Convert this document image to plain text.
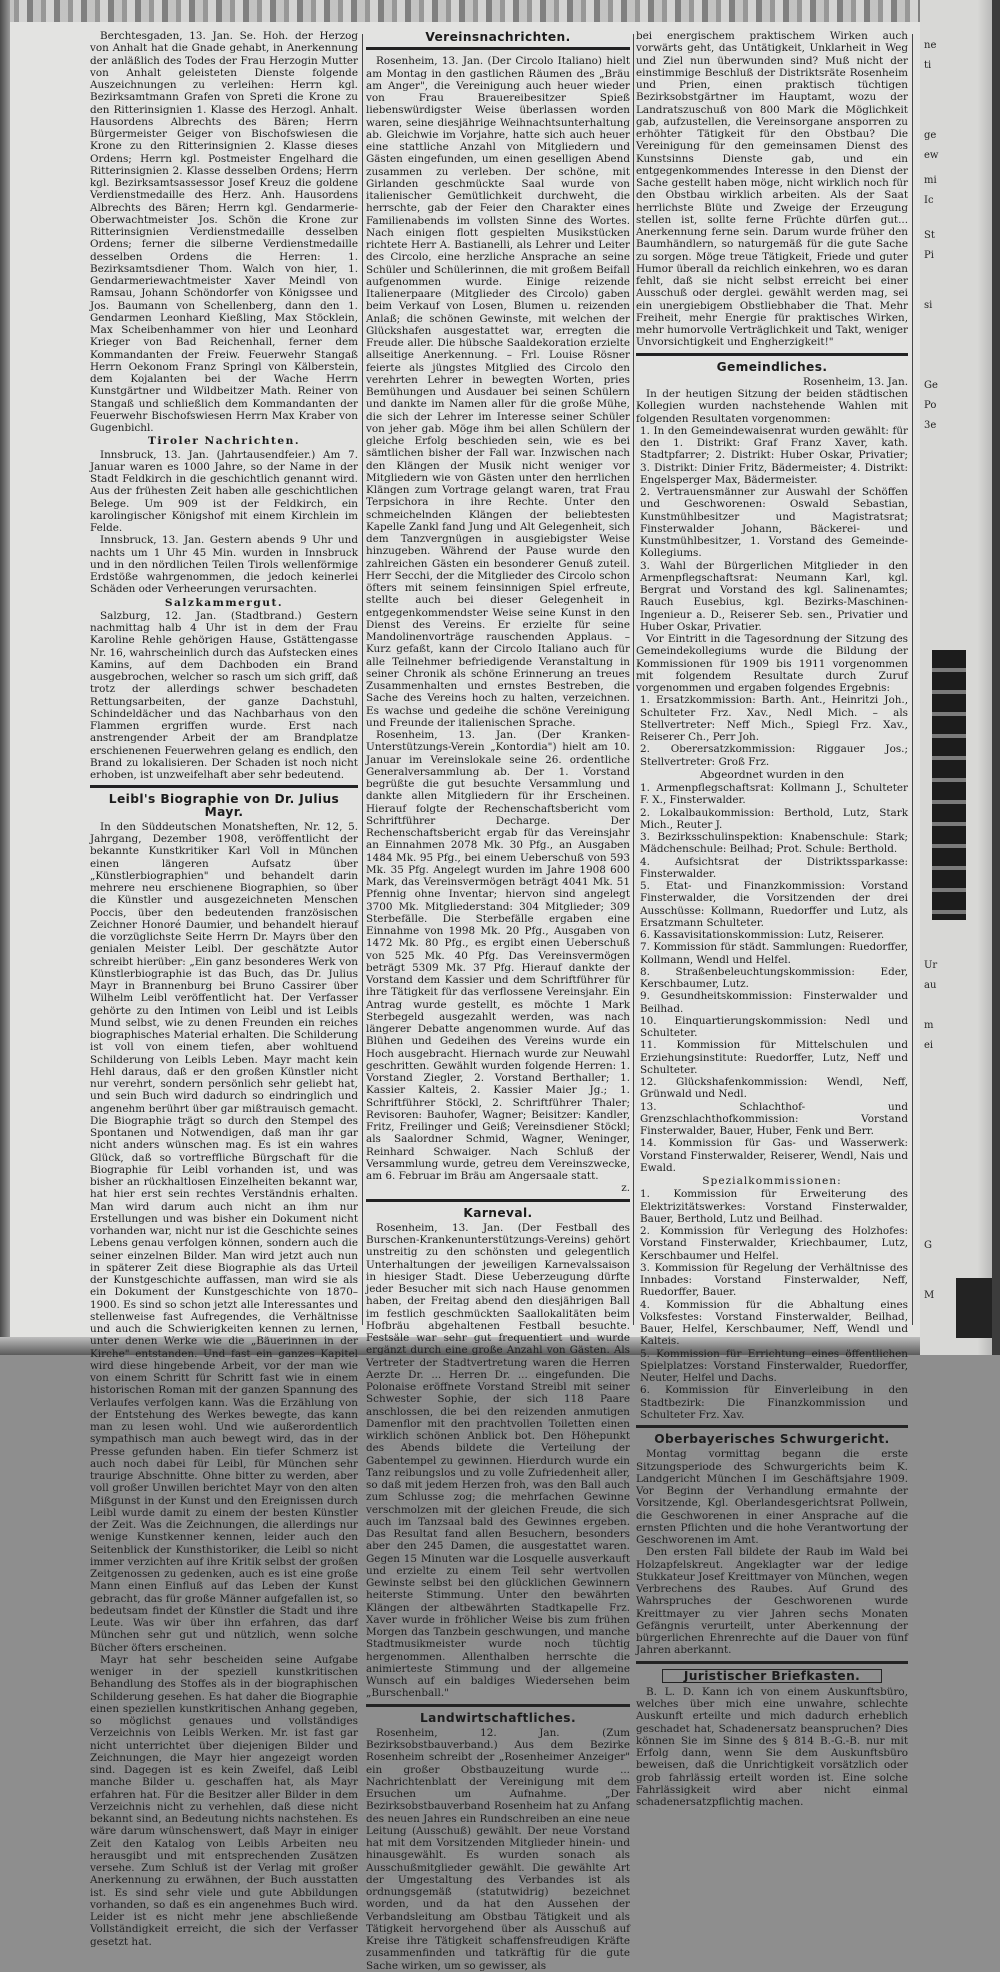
Berchtesgaden, 13. Jan. Se. Hoh. der Herzog von Anhalt hat die Gnade gehabt, in Anerkennung der anläßlich des Todes der Frau Herzogin Mutter von Anhalt geleisteten Dienste folgende Auszeichnungen zu verleihen: Herrn kgl. Bezirksamtmann Grafen von Spreti die Krone zu den Ritterinsignien 1. Klasse des Herzogl. Anhalt. Hausordens Albrechts des Bären; Herrn Bürgermeister Geiger von Bischofswiesen die Krone zu den Ritterinsignien 2. Klasse dieses Ordens; Herrn kgl. Postmeister Engelhard die Ritterinsignien 2. Klasse desselben Ordens; Herrn kgl. Bezirksamtsassessor Josef Kreuz die goldene Verdienstmedaille des Herz. Anh. Hausordens Albrechts des Bären; Herrn kgl. Gendarmerie-Oberwachtmeister Jos. Schön die Krone zur Ritterinsignien Verdienstmedaille desselben Ordens; ferner die silberne Verdienstmedaille desselben Ordens die Herren: 1. Bezirksamtsdiener Thom. Walch von hier, 1. Gendarmeriewachtmeister Xaver Meindl von Ramsau, Johann Schöndorfer von Königssee und Jos. Baumann von Schellenberg, dann den 1. Gendarmen Leonhard Kießling, Max Stöcklein, Max Scheibenhammer von hier und Leonhard Krieger von Bad Reichenhall, ferner dem Kommandanten der Freiw. Feuerwehr Stangaß Herrn Oekonom Franz Springl von Kälberstein, dem Kojalanten bei der Wache Herrn Kunstgärtner und Wildbeitzer Math. Reiner von Stangaß und schließlich dem Kommandanten der Feuerwehr Bischofswiesen Herrn Max Kraber von Gugenbichl.

Tiroler Nachrichten.

Innsbruck, 13. Jan. (Jahrtausendfeier.) Am 7. Januar waren es 1000 Jahre, so der Name in der Stadt Feldkirch in die geschichtlich genannt wird. Aus der frühesten Zeit haben alle geschichtlichen Belege. Um 909 ist der Feldkirch, ein karolingischer Königshof mit einem Kirchlein im Felde.

Innsbruck, 13. Jan. Gestern abends 9 Uhr und nachts um 1 Uhr 45 Min. wurden in Innsbruck und in den nördlichen Teilen Tirols wellenförmige Erdstöße wahrgenommen, die jedoch keinerlei Schäden oder Verheerungen verursachten.

Salzkammergut.

Salzburg, 12. Jan. (Stadtbrand.) Gestern nachmittag halb 4 Uhr ist in dem der Frau Karoline Rehle gehörigen Hause, Gstättengasse Nr. 16, wahrscheinlich durch das Aufstecken eines Kamins, auf dem Dachboden ein Brand ausgebrochen, welcher so rasch um sich griff, daß trotz der allerdings schwer beschadeten Rettungsarbeiten, der ganze Dachstuhl, Schindeldächer und das Nachbarhaus von den Flammen ergriffen wurde. Erst nach anstrengender Arbeit der am Brandplatze erschienenen Feuerwehren gelang es endlich, den Brand zu lokalisieren. Der Schaden ist noch nicht erhoben, ist unzweifelhaft aber sehr bedeutend.

Leibl's Biographie von Dr. Julius Mayr.

In den Süddeutschen Monatsheften, Nr. 12, 5. Jahrgang, Dezember 1908, veröffentlicht der bekannte Kunstkritiker Karl Voll in München einen längeren Aufsatz über „Künstlerbiographien" und behandelt darin mehrere neu erschienene Biographien, so über die Künstler und ausgezeichneten Menschen Poccis, über den bedeutenden französischen Zeichner Honoré Daumier, und behandelt hierauf die vorzüglichste Seite Herrn Dr. Mayrs über den genialen Meister Leibl. Der geschätzte Autor schreibt hierüber: „Ein ganz besonderes Werk von Künstlerbiographie ist das Buch, das Dr. Julius Mayr in Brannenburg bei Bruno Cassirer über Wilhelm Leibl veröffentlicht hat. Der Verfasser gehörte zu den Intimen von Leibl und ist Leibls Mund selbst, wie zu denen Freunden ein reiches biographisches Material erhalten. Die Schilderung ist voll von einem tiefen, aber wohltuend Schilderung von Leibls Leben. Mayr macht kein Hehl daraus, daß er den großen Künstler nicht nur verehrt, sondern persönlich sehr geliebt hat, und sein Buch wird dadurch so eindringlich und angenehm berührt über gar mißtrauisch gemacht. Die Biographie trägt so durch den Stempel des Spontanen und Notwendigen, daß man ihr gar nicht anders wünschen mag. Es ist ein wahres Glück, daß so vortreffliche Bürgschaft für die Biographie für Leibl vorhanden ist, und was bisher an rückhaltlosen Einzelheiten bekannt war, hat hier erst sein rechtes Verständnis erhalten. Man wird darum auch nicht an ihm nur Erstellungen und was bisher ein Dokument nicht vorhanden war, nicht nur ist die Geschichte seines Lebens genau verfolgen können, sondern auch die seiner einzelnen Bilder. Man wird jetzt auch nun in späterer Zeit diese Biographie als das Urteil der Kunstgeschichte auffassen, man wird sie als ein Dokument der Kunstgeschichte von 1870–1900. Es sind so schon jetzt alle Interessantes und stellenweise fast Aufregendes, die Verhältnisse und auch die Schwierigkeiten kennen zu lernen, unter denen Werke wie die „Bäuerinnen in der Kirche" entstanden. Und fast ein ganzes Kapitel wird diese hingebende Arbeit, vor der man wie von einem Schritt für Schritt fast wie in einem historischen Roman mit der ganzen Spannung des Verlaufes verfolgen kann. Was die Erzählung von der Entstehung des Werkes bewegte, das kann man zu lesen wohl. Und wie außerordentlich sympathisch man auch bewegt wird, das in der Presse gefunden haben. Ein tiefer Schmerz ist auch noch dabei für Leibl, für München sehr traurige Abschnitte. Ohne bitter zu werden, aber voll großer Unwillen berichtet Mayr von den alten Mißgunst in der Kunst und den Ereignissen durch Leibl wurde damit zu einem der besten Künstler der Zeit. Was die Zeichnungen, die allerdings nur wenige Kunstkenner kennen, leider auch den Seitenblick der Kunsthistoriker, die Leibl so nicht immer verzichten auf ihre Kritik selbst der großen Zeitgenossen zu gedenken, auch es ist eine große Mann einen Einfluß auf das Leben der Kunst gebracht, das für große Männer aufgefallen ist, so bedeutsam findet der Künstler die Stadt und ihre Leute. Was wir über ihn erfahren, das darf München sehr gut und nützlich, wenn solche Bücher öfters erscheinen.

Mayr hat sehr bescheiden seine Aufgabe weniger in der speziell kunstkritischen Behandlung des Stoffes als in der biographischen Schilderung gesehen. Es hat daher die Biographie einen speziellen kunstkritischen Anhang gegeben, so möglichst genaues und vollständiges Verzeichnis von Leibls Werken. Mr. ist fast gar nicht unterrichtet über diejenigen Bilder und Zeichnungen, die Mayr hier angezeigt worden sind. Dagegen ist es kein Zweifel, daß Leibl manche Bilder u. geschaffen hat, als Mayr erfahren hat. Für die Besitzer aller Bilder in dem Verzeichnis nicht zu verhehlen, daß diese nicht bekannt sind, an Bedeutung nichts nachstehen. Es wäre darum wünschenswert, daß Mayr in einiger Zeit den Katalog von Leibls Arbeiten neu herausgibt und mit entsprechenden Zusätzen versehe. Zum Schluß ist der Verlag mit großer Anerkennung zu erwähnen, der Buch ausstatten ist. Es sind sehr viele und gute Abbildungen vorhanden, so daß es ein angenehmes Buch wird. Leider ist es nicht mehr jene abschließende Vollständigkeit erreicht, die sich der Verfasser gesetzt hat.

Vereinsnachrichten.

Rosenheim, 13. Jan. (Der Circolo Italiano) hielt am Montag in den gastlichen Räumen des „Bräu am Anger", die Vereinigung auch heuer wieder von Frau Brauereibesitzer Spieß liebenswürdigster Weise überlassen worden waren, seine diesjährige Weihnachtsunterhaltung ab. Gleichwie im Vorjahre, hatte sich auch heuer eine stattliche Anzahl von Mitgliedern und Gästen eingefunden, um einen geselligen Abend zusammen zu verleben. Der schöne, mit Girlanden geschmückte Saal wurde von italienischer Gemütlichkeit durchweht, die herrschte, gab der Feier den Charakter eines Familienabends im vollsten Sinne des Wortes. Nach einigen flott gespielten Musikstücken richtete Herr A. Bastianelli, als Lehrer und Leiter des Circolo, eine herzliche Ansprache an seine Schüler und Schülerinnen, die mit großem Beifall aufgenommen wurde. Einige reizende Italienerpaare (Mitglieder des Circolo) gaben beim Verkauf von Losen, Blumen u. reizenden Anlaß; die schönen Gewinste, mit welchen der Glückshafen ausgestattet war, erregten die Freude aller. Die hübsche Saaldekoration erzielte allseitige Anerkennung. – Frl. Louise Rösner feierte als jüngstes Mitglied des Circolo den verehrten Lehrer in bewegten Worten, pries Bemühungen und Ausdauer bei seinen Schülern und dankte im Namen aller für die große Mühe, die sich der Lehrer im Interesse seiner Schüler von jeher gab. Möge ihm bei allen Schülern der gleiche Erfolg beschieden sein, wie es bei sämtlichen bisher der Fall war. Inzwischen nach den Klängen der Musik nicht weniger vor Mitgliedern wie von Gästen unter den herrlichen Klängen zum Vortrage gelangt waren, trat Frau Terpsichora in ihre Rechte. Unter den schmeichelnden Klängen der beliebtesten Kapelle Zankl fand Jung und Alt Gelegenheit, sich dem Tanzvergnügen in ausgiebigster Weise hinzugeben. Während der Pause wurde den zahlreichen Gästen ein besonderer Genuß zuteil. Herr Secchi, der die Mitglieder des Circolo schon öfters mit seinem feinsinnigen Spiel erfreute, stellte auch bei dieser Gelegenheit in entgegenkommendster Weise seine Kunst in den Dienst des Vereins. Er erzielte für seine Mandolinenvorträge rauschenden Applaus. – Kurz gefaßt, kann der Circolo Italiano auch für alle Teilnehmer befriedigende Veranstaltung in seiner Chronik als schöne Erinnerung an treues Zusammenhalten und ernstes Bestreben, die Sache des Vereins hoch zu halten, verzeichnen. Es wachse und gedeihe die schöne Vereinigung und Freunde der italienischen Sprache.

Rosenheim, 13. Jan. (Der Kranken-Unterstützungs-Verein „Kontordia") hielt am 10. Januar im Vereinslokale seine 26. ordentliche Generalversammlung ab. Der 1. Vorstand begrüßte die gut besuchte Versammlung und dankte allen Mitgliedern für ihr Erscheinen. Hierauf folgte der Rechenschaftsbericht vom Schriftführer Decharge. Der Rechenschaftsbericht ergab für das Vereinsjahr an Einnahmen 2078 Mk. 30 Pfg., an Ausgaben 1484 Mk. 95 Pfg., bei einem Ueberschuß von 593 Mk. 35 Pfg. Angelegt wurden im Jahre 1908 600 Mark, das Vereinsvermögen beträgt 4041 Mk. 51 Pfennig ohne Inventar; hiervon sind angelegt 3700 Mk. Mitgliederstand: 304 Mitglieder; 309 Sterbefälle. Die Sterbefälle ergaben eine Einnahme von 1998 Mk. 20 Pfg., Ausgaben von 1472 Mk. 80 Pfg., es ergibt einen Ueberschuß von 525 Mk. 40 Pfg. Das Vereinsvermögen beträgt 5309 Mk. 37 Pfg. Hierauf dankte der Vorstand dem Kassier und dem Schriftführer für ihre Tätigkeit für das verflossene Vereinsjahr. Ein Antrag wurde gestellt, es möchte 1 Mark Sterbegeld ausgezahlt werden, was nach längerer Debatte angenommen wurde. Auf das Blühen und Gedeihen des Vereins wurde ein Hoch ausgebracht. Hiernach wurde zur Neuwahl geschritten. Gewählt wurden folgende Herren: 1. Vorstand Ziegler, 2. Vorstand Berthaller; 1. Kassier Kalteis, 2. Kassier Maier Jg.; 1. Schriftführer Stöckl, 2. Schriftführer Thaler; Revisoren: Bauhofer, Wagner; Beisitzer: Kandler, Fritz, Freilinger und Geiß; Vereinsdiener Stöckl; als Saalordner Schmid, Wagner, Weninger, Reinhard Schwaiger. Nach Schluß der Versammlung wurde, getreu dem Vereinszwecke, am 6. Februar im Bräu am Angersaale statt.

z.

Karneval.

Rosenheim, 13. Jan. (Der Festball des Burschen-Krankenunterstützungs-Vereins) gehört unstreitig zu den schönsten und gelegentlich Unterhaltungen der jeweiligen Karnevalssaison in hiesiger Stadt. Diese Ueberzeugung dürfte jeder Besucher mit sich nach Hause genommen haben, der Freitag abend den diesjährigen Ball im festlich geschmückten Saallokalitäten beim Hofbräu abgehaltenen Festball besuchte. Festsäle war sehr gut frequentiert und wurde ergänzt durch eine große Anzahl von Gästen. Als Vertreter der Stadtvertretung waren die Herren Aerzte Dr. ... Herren Dr. ... eingefunden. Die Polonaise eröffnete Vorstand Streibl mit seiner Schwester Sophie, der sich 118 Paare anschlossen, die bei den reizenden anmutigen Damenflor mit den prachtvollen Toiletten einen wirklich schönen Anblick bot. Den Höhepunkt des Abends bildete die Verteilung der Gabentempel zu gewinnen. Hierdurch wurde ein Tanz reibungslos und zu volle Zufriedenheit aller, so daß mit jedem Herzen froh, was den Ball auch zum Schlusse zog; die mehrfachen Gewinne verschmolzen mit der gleichen Freude, die sich auch im Tanzsaal bald des Gewinnes ergeben. Das Resultat fand allen Besuchern, besonders aber den 245 Damen, die ausgestattet waren. Gegen 15 Minuten war die Losquelle ausverkauft und erzielte zu einem Teil sehr wertvollen Gewinste selbst bei den glücklichen Gewinnern heiterste Stimmung. Unter den bewährten Klängen der altbewährten Stadtkapelle Frz. Xaver wurde in fröhlicher Weise bis zum frühen Morgen das Tanzbein geschwungen, und manche Stadtmusikmeister wurde noch tüchtig hergenommen. Allenthalben herrschte die animierteste Stimmung und der allgemeine Wunsch auf ein baldiges Wiedersehen beim „Burschenball."

Landwirtschaftliches.

Rosenheim, 12. Jan. (Zum Bezirksobstbauverband.) Aus dem Bezirke Rosenheim schreibt der „Rosenheimer Anzeiger" ein großer Obstbauzeitung wurde ... Nachrichtenblatt der Vereinigung mit dem Ersuchen um Aufnahme. „Der Bezirksobstbauverband Rosenheim hat zu Anfang des neuen Jahres ein Rundschreiben an eine neue Leitung (Ausschuß) gewählt. Der neue Vorstand hat mit dem Vorsitzenden Mitglieder hinein- und hinausgewählt. Es wurden sonach als Ausschußmitglieder gewählt. Die gewählte Art der Umgestaltung des Verbandes ist als ordnungsgemäß (statutwidrig) bezeichnet worden, und da hat den Aussehen der Verbandsleitung am Obstbau Tätigkeit und als Tätigkeit hervorgehend über als Ausschuß auf Kreise ihre Tätigkeit schaffensfreudigen Kräfte zusammenfinden und tatkräftig für die gute Sache wirken, um so gewisser, als

bei energischem praktischem Wirken auch vorwärts geht, das Untätigkeit, Unklarheit in Weg und Ziel nun überwunden sind? Muß nicht der einstimmige Beschluß der Distriktsräte Rosenheim und Prien, einen praktisch tüchtigen Bezirksobstgärtner im Hauptamt, wozu der Landratszuschuß von 800 Mark die Möglichkeit gab, aufzustellen, die Vereinsorgane ansporren zu erhöhter Tätigkeit für den Obstbau? Die Vereinigung für den gemeinsamen Dienst des Kunstsinns Dienste gab, und ein entgegenkommendes Interesse in den Dienst der Sache gestellt haben möge, nicht wirklich noch für den Obstbau wirklich arbeiten. Als der Saat herrlichste Blüte und Zweige der Erzeugung stellen ist, sollte ferne Früchte dürfen gut... Anerkennung ferne sein. Darum wurde früher den Baumhändlern, so naturgemäß für die gute Sache zu sorgen. Möge treue Tätigkeit, Friede und guter Humor überall da reichlich einkehren, wo es daran fehlt, daß sie nicht selbst erreicht bei einer Ausschuß oder derglei. gewählt werden mag, sei ein unergiebigem Obstliebhaber die That. Mehr Freiheit, mehr Energie für praktisches Wirken, mehr humorvolle Verträglichkeit und Takt, weniger Unvorsichtigkeit und Engherzigkeit!"

Gemeindliches.

Rosenheim, 13. Jan.

In der heutigen Sitzung der beiden städtischen Kollegien wurden nachstehende Wahlen mit folgenden Resultaten vorgenommen:

1. In den Gemeindewaisenrat wurden gewählt: für den 1. Distrikt: Graf Franz Xaver, kath. Stadtpfarrer; 2. Distrikt: Huber Oskar, Privatier; 3. Distrikt: Dinier Fritz, Bädermeister; 4. Distrikt: Engelsperger Max, Bädermeister.

2. Vertrauensmänner zur Auswahl der Schöffen und Geschworenen: Oswald Sebastian, Kunstmühlbesitzer und Magistratsrat; Finsterwalder Johann, Bäckerei- und Kunstmühlbesitzer, 1. Vorstand des Gemeinde-Kollegiums.

3. Wahl der Bürgerlichen Mitglieder in den Armenpflegschaftsrat: Neumann Karl, kgl. Bergrat und Vorstand des kgl. Salinenamtes; Rauch Eusebius, kgl. Bezirks-Maschinen-Ingenieur a. D., Reiserer Seb. sen., Privatier und Huber Oskar, Privatier.

Vor Eintritt in die Tagesordnung der Sitzung des Gemeindekollegiums wurde die Bildung der Kommissionen für 1909 bis 1911 vorgenommen mit folgendem Resultate durch Zuruf vorgenommen und ergaben folgendes Ergebnis:

1. Ersatzkommission: Barth. Ant., Heinritzi Joh., Schulteter Frz. Xav., Nedl Mich. – als Stellvertreter: Neff Mich., Spiegl Frz. Xav., Reiserer Ch., Perr Joh.

2. Oberersatzkommission: Riggauer Jos.; Stellvertreter: Groß Frz.

Abgeordnet wurden in den

1. Armenpflegschaftsrat: Kollmann J., Schulteter F. X., Finsterwalder.

2. Lokalbaukommission: Berthold, Lutz, Stark Mich., Reuter J.

3. Bezirksschulinspektion: Knabenschule: Stark; Mädchenschule: Beilhad; Prot. Schule: Berthold.

4. Aufsichtsrat der Distriktssparkasse: Finsterwalder.

5. Etat- und Finanzkommission: Vorstand Finsterwalder, die Vorsitzenden der drei Ausschüsse: Kollmann, Ruedorffer und Lutz, als Ersatzmann Schulteter.

6. Kassavisitationskommission: Lutz, Reiserer.

7. Kommission für städt. Sammlungen: Ruedorffer, Kollmann, Wendl und Helfel.

8. Straßenbeleuchtungskommission: Eder, Kerschbaumer, Lutz.

9. Gesundheitskommission: Finsterwalder und Beilhad.

10. Einquartierungskommission: Nedl und Schulteter.

11. Kommission für Mittelschulen und Erziehungsinstitute: Ruedorffer, Lutz, Neff und Schulteter.

12. Glückshafenkommission: Wendl, Neff, Grünwald und Nedl.

13. Schlachthof- und Grenzschlachthofkommission: Vorstand Finsterwalder, Bauer, Huber, Fenk und Berr.

14. Kommission für Gas- und Wasserwerk: Vorstand Finsterwalder, Reiserer, Wendl, Nais und Ewald.

Spezialkommissionen:

1. Kommission für Erweiterung des Elektrizitätswerkes: Vorstand Finsterwalder, Bauer, Berthold, Lutz und Beilhad.

2. Kommission für Verlegung des Holzhofes: Vorstand Finsterwalder, Kriechbaumer, Lutz, Kerschbaumer und Helfel.

3. Kommission für Regelung der Verhältnisse des Innbades: Vorstand Finsterwalder, Neff, Ruedorffer, Bauer.

4. Kommission für die Abhaltung eines Volksfestes: Vorstand Finsterwalder, Beilhad, Bauer, Helfel, Kerschbaumer, Neff, Wendl und Kalteis.

5. Kommission für Errichtung eines öffentlichen Spielplatzes: Vorstand Finsterwalder, Ruedorffer, Neuter, Helfel und Dachs.

6. Kommission für Einverleibung in den Stadtbezirk: Die Finanzkommission und Schulteter Frz. Xav.

Oberbayerisches Schwurgericht.

Montag vormittag begann die erste Sitzungsperiode des Schwurgerichts beim K. Landgericht München I im Geschäftsjahre 1909. Vor Beginn der Verhandlung ermahnte der Vorsitzende, Kgl. Oberlandesgerichtsrat Pollwein, die Geschworenen in einer Ansprache auf die ernsten Pflichten und die hohe Verantwortung der Geschworenen im Amt.

Den ersten Fall bildete der Raub im Wald bei Holzapfelskreut. Angeklagter war der ledige Stukkateur Josef Kreittmayer von München, wegen Verbrechens des Raubes. Auf Grund des Wahrspruches der Geschworenen wurde Kreittmayer zu vier Jahren sechs Monaten Gefängnis verurteilt, unter Aberkennung der bürgerlichen Ehrenrechte auf die Dauer von fünf Jahren aberkannt.

Juristischer Briefkasten.

B. L. D. Kann ich von einem Auskunftsbüro, welches über mich eine unwahre, schlechte Auskunft erteilte und mich dadurch erheblich geschadet hat, Schadenersatz beanspruchen? Dies können Sie im Sinne des § 814 B.-G.-B. nur mit Erfolg dann, wenn Sie dem Auskunftsbüro beweisen, daß die Unrichtigkeit vorsätzlich oder grob fahrlässig erteilt worden ist. Eine solche Fahrlässigkeit wird aber nicht einmal schadenersatzpflichtig machen.

ne
ti
ge
ew
mi
Ic
St
Pi
si
Ge
Po
3e
Ur
au
m
ei
G
M
